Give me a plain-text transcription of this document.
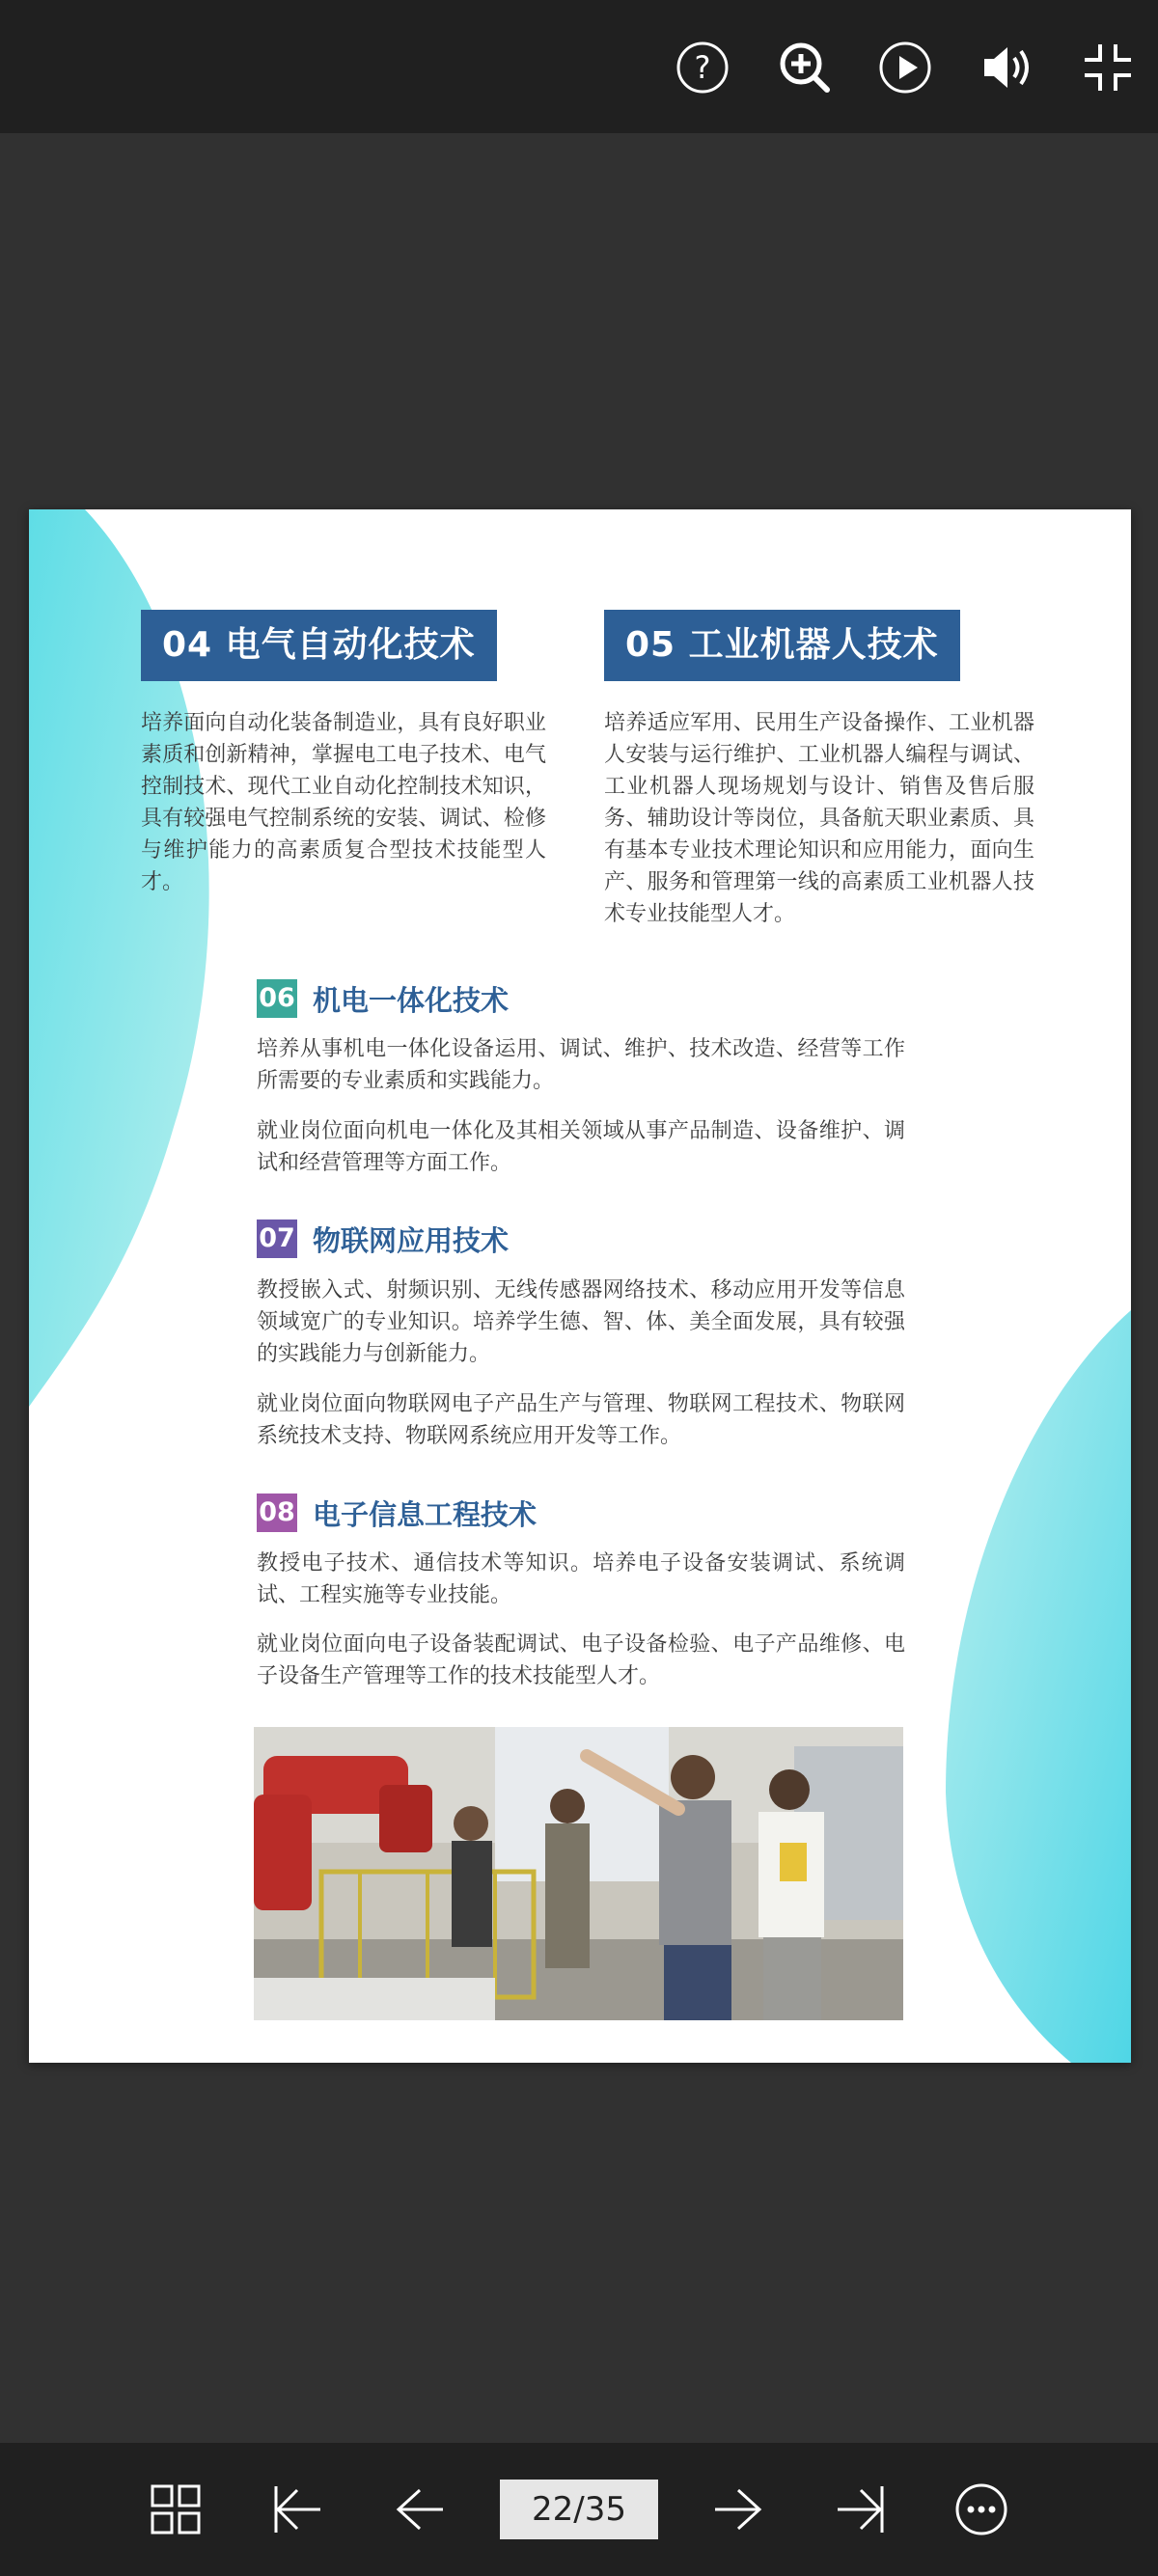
?
04 电气自动化技术

培养面向自动化装备制造业，具有良好职业素质和创新精神，掌握电工电子技术、电气控制技术、现代工业自动化控制技术知识，具有较强电气控制系统的安装、调试、检修与维护能力的高素质复合型技术技能型人才。

05 工业机器人技术

培养适应军用、民用生产设备操作、工业机器人安装与运行维护、工业机器人编程与调试、工业机器人现场规划与设计、销售及售后服务、辅助设计等岗位，具备航天职业素质、具有基本专业技术理论知识和应用能力，面向生产、服务和管理第一线的高素质工业机器人技术专业技能型人才。

06 机电一体化技术

培养从事机电一体化设备运用、调试、维护、技术改造、经营等工作所需要的专业素质和实践能力。

就业岗位面向机电一体化及其相关领域从事产品制造、设备维护、调试和经营管理等方面工作。

07 物联网应用技术

教授嵌入式、射频识别、无线传感器网络技术、移动应用开发等信息领域宽广的专业知识。培养学生德、智、体、美全面发展，具有较强的实践能力与创新能力。

就业岗位面向物联网电子产品生产与管理、物联网工程技术、物联网系统技术支持、物联网系统应用开发等工作。

08 电子信息工程技术

教授电子技术、通信技术等知识。培养电子设备安装调试、系统调试、工程实施等专业技能。

就业岗位面向电子设备装配调试、电子设备检验、电子产品维修、电子设备生产管理等工作的技术技能型人才。

22/35
